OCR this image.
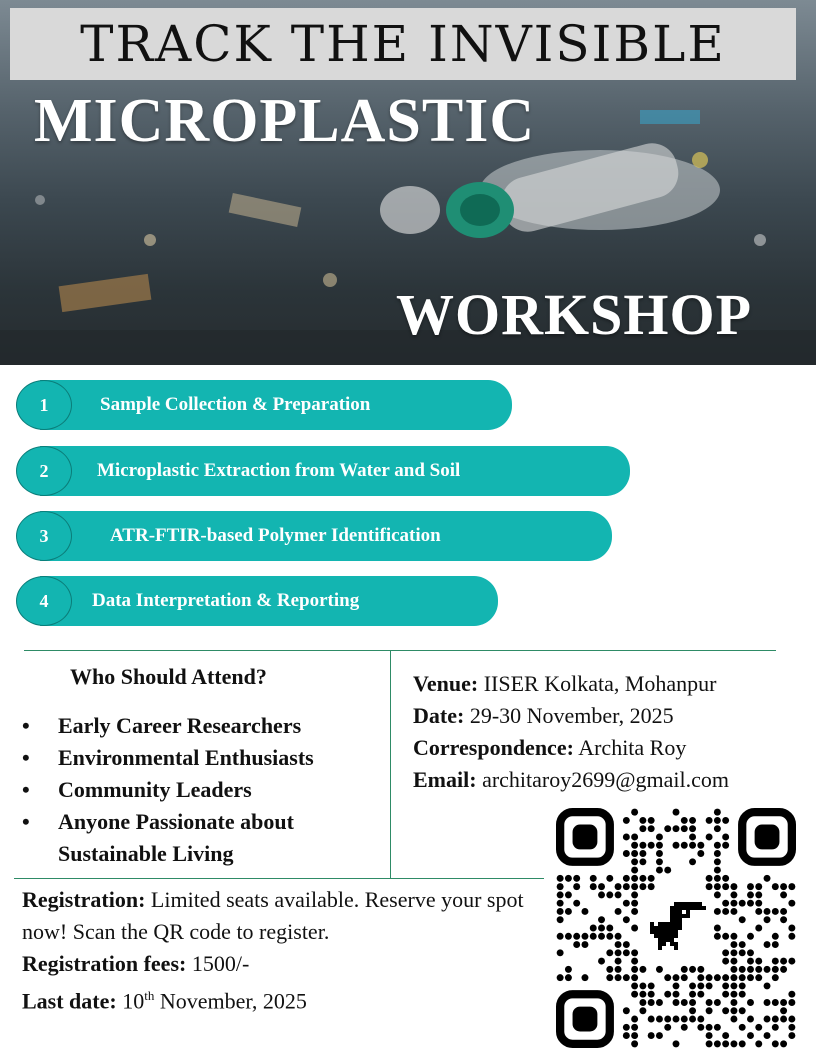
TRACK THE INVISIBLE
MICROPLASTIC
WORKSHOP
1	Sample Collection & Preparation
2	Microplastic Extraction from Water and Soil
3	ATR-FTIR-based Polymer Identification
4	Data Interpretation & Reporting
Who Should Attend?
• Early Career Researchers
• Environmental Enthusiasts
• Community Leaders
• Anyone Passionate about Sustainable Living
Venue: IISER Kolkata, Mohanpur
Date: 29-30 November, 2025
Correspondence: Archita Roy
Email: architaroy2699@gmail.com
Registration: Limited seats available. Reserve your spot now! Scan the QR code to register.
Registration fees: 1500/-
Last date: 10th November, 2025
